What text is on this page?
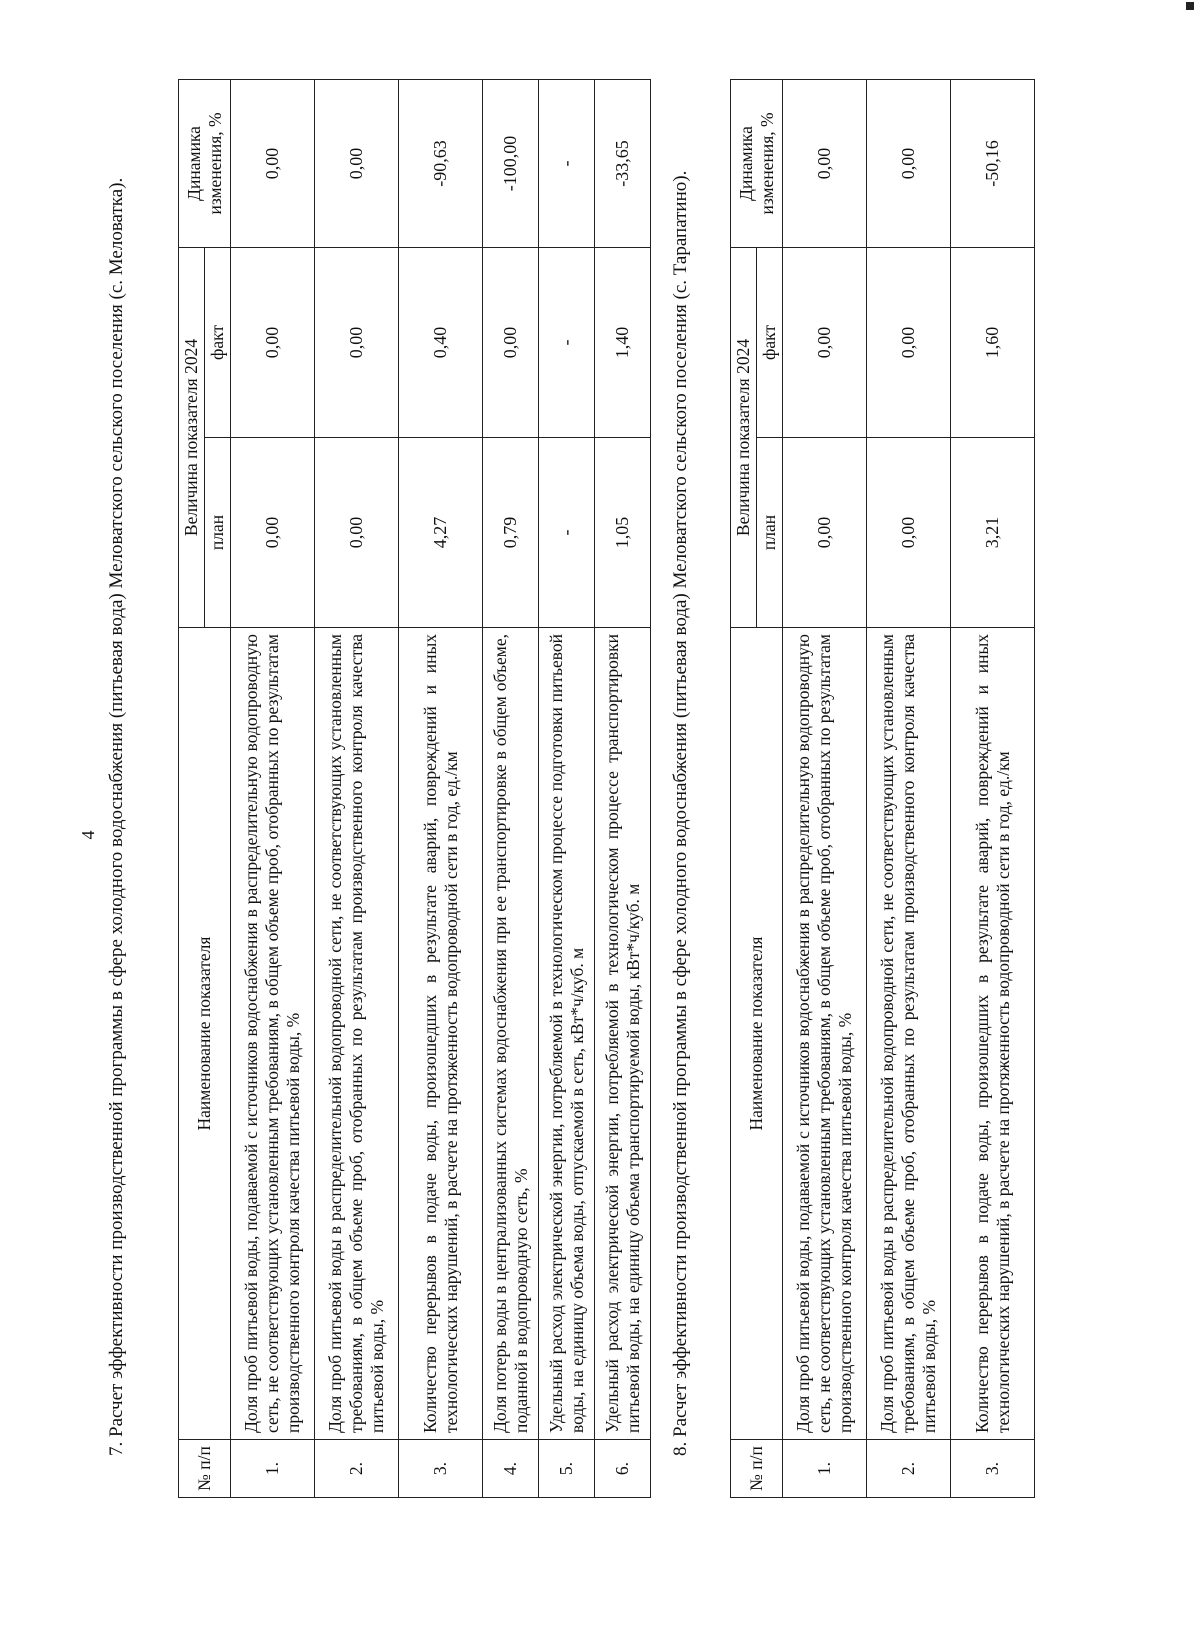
4 7. Расчет эффективности производственной программы в сфере холодного водоснабжения (питьевая вода) Меловатского сельского поселения (с. Меловатка).
№ п/п	Наименование показателя	Величина показателя 2024		Динамика изменения, %
		план	факт	
1.	Доля проб питьевой воды, подаваемой с источников водоснабжения в распределительную водопроводную сеть, не соответствующих установленным требованиям, в общем объеме проб, отобранных по результатам производственного контроля качества питьевой воды, %	0,00	0,00	0,00
2.	Доля проб питьевой воды в распределительной водопроводной сети, не соответствующих установленным требованиям, в общем объеме проб, отобранных по результатам производственного контроля качества питьевой воды, %	0,00	0,00	0,00
3.	Количество перерывов в подаче воды, произошедших в результате аварий, повреждений и иных технологических нарушений, в расчете на протяженность водопроводной сети в год, ед./км	4,27	0,40	-90,63
4.	Доля потерь воды в централизованных системах водоснабжения при ее транспортировке в общем объеме, поданной в водопроводную сеть, %	0,79	0,00	-100,00
5.	Удельный расход электрической энергии, потребляемой в технологическом процессе подготовки питьевой воды, на единицу объема воды, отпускаемой в сеть, кВт*ч/куб. м	-	-	-
6.	Удельный расход электрической энергии, потребляемой в технологическом процессе транспортировки питьевой воды, на единицу объема транспортируемой воды, кВт*ч/куб. м	1,05	1,40	-33,65
8. Расчет эффективности производственной программы в сфере холодного водоснабжения (питьевая вода) Меловатского сельского поселения (с. Тарапатино).
№ п/п	Наименование показателя	Величина показателя 2024		Динамика изменения, %
		план	факт	
1.	Доля проб питьевой воды, подаваемой с источников водоснабжения в распределительную водопроводную сеть, не соответствующих установленным требованиям, в общем объеме проб, отобранных по результатам производственного контроля качества питьевой воды, %	0,00	0,00	0,00
2.	Доля проб питьевой воды в распределительной водопроводной сети, не соответствующих установленным требованиям, в общем объеме проб, отобранных по результатам производственного контроля качества питьевой воды, %	0,00	0,00	0,00
3.	Количество перерывов в подаче воды, произошедших в результате аварий, повреждений и иных технологических нарушений, в расчете на протяженность водопроводной сети в год, ед./км	3,21	1,60	-50,16
